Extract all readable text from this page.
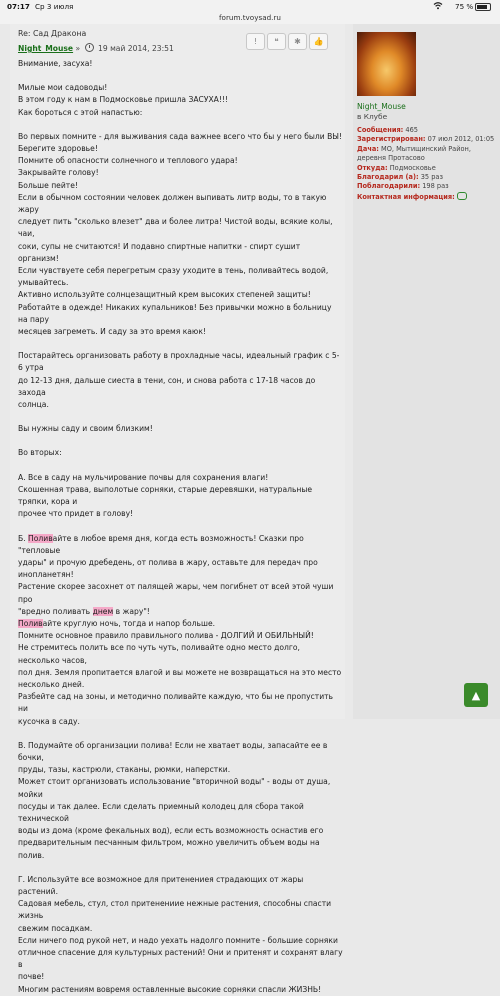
07:17 Ср 3 июля	75 %
forum.tvoysad.ru
Re: Сад Дракона
Night_Mouse » 19 май 2014, 23:51
! ❝ ✱ 👍

Внимание, засуха!

Милые мои садоводы!

В этом году к нам в Подмосковье пришла ЗАСУХА!!!

Как бороться с этой напастью:

Во первых помните - для выживания сада важнее всего что бы у него были ВЫ!

Берегите здоровье!

Помните об опасности солнечного и теплового удара!

Закрывайте голову!

Больше пейте!

Если в обычном состоянии человек должен выпивать литр воды, то в такую жару

следует пить "сколько влезет" два и более литра! Чистой воды, всякие колы, чаи,

соки, супы не считаются! И подавно спиртные напитки - спирт сушит организм!

Если чувствуете себя перегретым сразу уходите в тень, поливайтесь водой,

умывайтесь.

Активно используйте солнцезащитный крем высоких степеней защиты!

Работайте в одежде! Никаких купальников! Без привычки можно в больницу на пару

месяцев загреметь. И саду за это время каюк!

Постарайтесь организовать работу в прохладные часы, идеальный график с 5-6 утра

до 12-13 дня, дальше сиеста в тени, сон, и снова работа с 17-18 часов до захода

солнца.

Вы нужны саду и своим близким!

Во вторых:

А. Все в саду на мульчирование почвы для сохранения влаги!

Скошенная трава, выполотые сорняки, старые деревяшки, натуральные тряпки, кора и

прочее что придет в голову!

Б. Поливайте в любое время дня, когда есть возможность! Сказки про "тепловые

удары" и прочую дребедень, от полива в жару, оставьте для передач про

инопланетян!

Растение скорее засохнет от палящей жары, чем погибнет от всей этой чуши про

"вредно поливать днем в жару"!

Поливайте круглую ночь, тогда и напор больше.

Помните основное правило правильного полива - ДОЛГИЙ И ОБИЛЬНЫЙ!

Не стремитесь полить все по чуть чуть, поливайте одно место долго, несколько часов,

пол дня. Земля пропитается влагой и вы можете не возвращаться на это место

несколько дней.

Разбейте сад на зоны, и методично поливайте каждую, что бы не пропустить ни

кусочка в саду.

В. Подумайте об организации полива! Если не хватает воды, запасайте ее в бочки,

пруды, тазы, кастрюли, стаканы, рюмки, наперстки.

Может стоит организовать использование "вторичной воды" - воды от душа, мойки

посуды и так далее. Если сделать приемный колодец для сбора такой технической

воды из дома (кроме фекальных вод), если есть возможность оснастив его

предварительным песчанным фильтром, можно увеличить объем воды на полив.

Г. Используйте все возможное для притенениея страдающих от жары растений.

Садовая мебель, стул, стол притенениие нежные растения, способны спасти жизнь

свежим посадкам.

Если ничего под рукой нет, и надо уехать надолго помните - большие сорняки

отличное спасение для культурных растений! Они и притенят и сохранят влагу в

почве!

Многим растениям вовремя оставленные высокие сорняки спасли ЖИЗНЬ!

Night_Mouse
в Клубе
Сообщения: 465
Зарегистрирован: 07 июл 2012, 01:05
Дача: МО, Мытищинский Район, деревня Протасово
Откуда: Подмосковье
Благодарил (а): 35 раз
Поблагодарили: 198 раз
Контактная информация:
▲
